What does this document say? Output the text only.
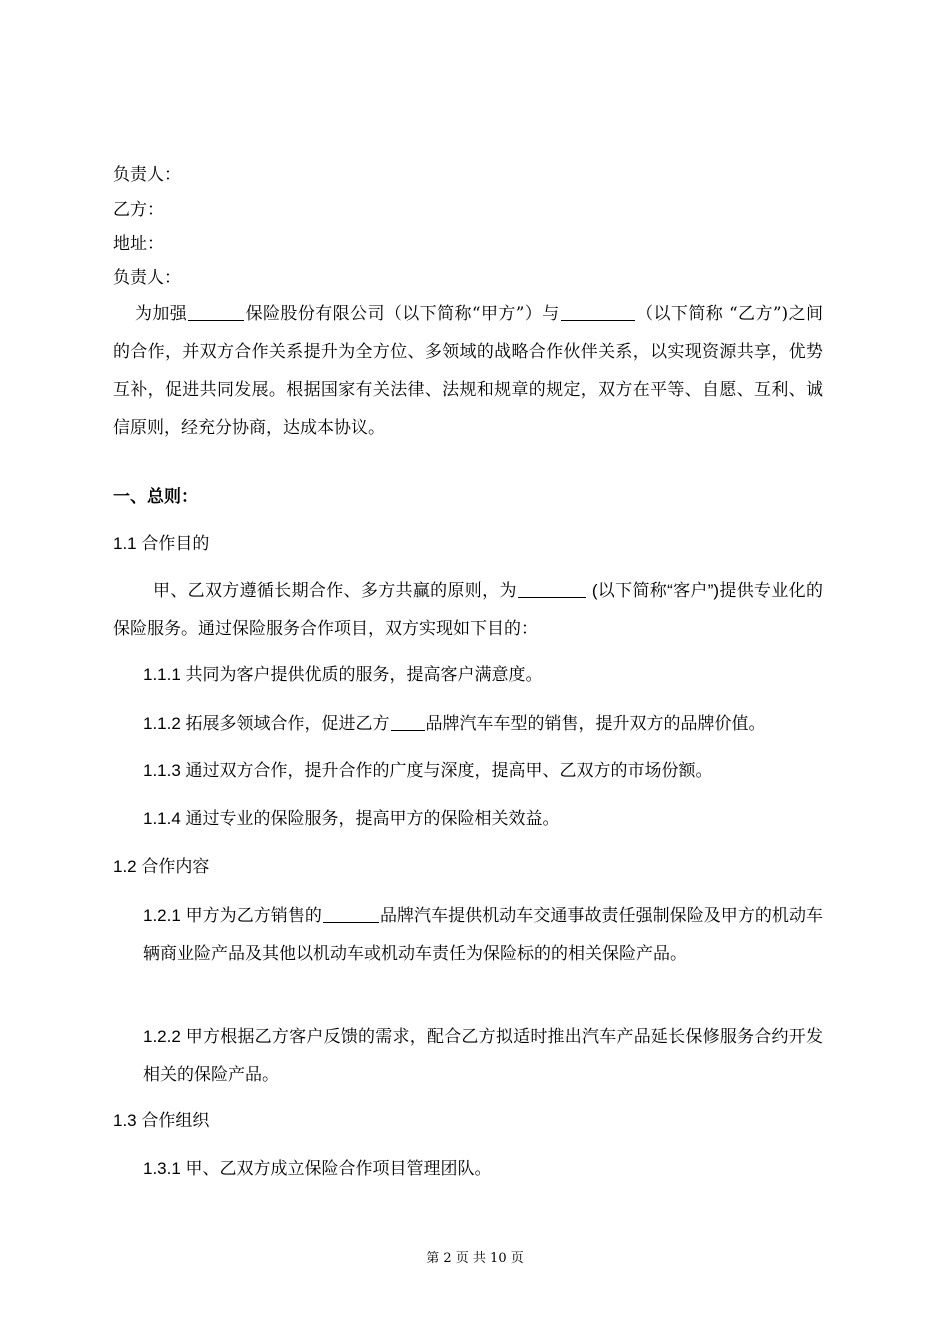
负责人：
乙方：
地址：
负责人：
为加强	保险股份有限公司（以下简称“甲方”）与	（以下简称 “乙方”)之间的合作，并双方合作关系提升为全方位、多领域的战略合作伙伴关系，以实现资源共享，优势互补，促进共同发展。根据国家有关法律、法规和规章的规定，双方在平等、自愿、互利、诚信原则，经充分协商，达成本协议。
一、总则：
1.1 合作目的
甲、乙双方遵循长期合作、多方共赢的原则，为	(以下简称“客户”)提供专业化的保险服务。通过保险服务合作项目，双方实现如下目的：
1.1.1 共同为客户提供优质的服务，提高客户满意度。
1.1.2 拓展多领域合作，促进乙方 品牌汽车车型的销售，提升双方的品牌价值。
1.1.3 通过双方合作，提升合作的广度与深度，提高甲、乙双方的市场份额。
1.1.4 通过专业的保险服务，提高甲方的保险相关效益。
1.2 合作内容
1.2.1 甲方为乙方销售的	品牌汽车提供机动车交通事故责任强制保险及甲方的机动车辆商业险产品及其他以机动车或机动车责任为保险标的的相关保险产品。
1.2.2 甲方根据乙方客户反馈的需求，配合乙方拟适时推出汽车产品延长保修服务合约开发相关的保险产品。
1.3 合作组织
1.3.1 甲、乙双方成立保险合作项目管理团队。
第 2 页 共 10 页
